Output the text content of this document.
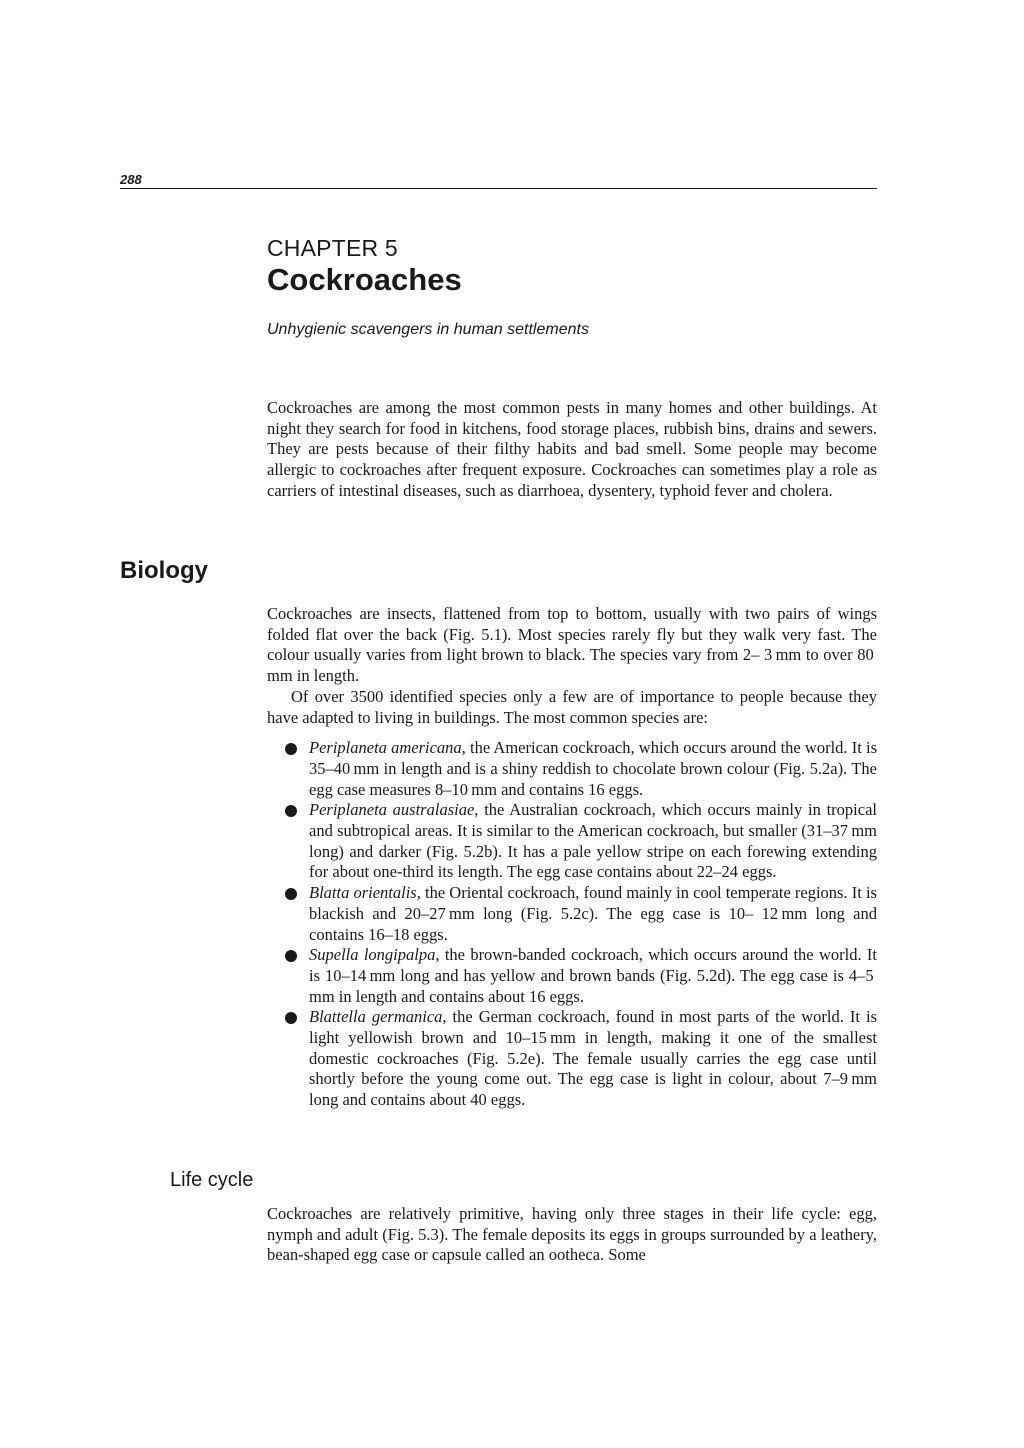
288
CHAPTER 5
Cockroaches
Unhygienic scavengers in human settlements

Cockroaches are among the most common pests in many homes and other buildings. At night they search for food in kitchens, food storage places, rubbish bins, drains and sewers. They are pests because of their filthy habits and bad smell. Some people may become allergic to cockroaches after frequent exposure. Cockroaches can sometimes play a role as carriers of intestinal diseases, such as diarrhoea, dysentery, typhoid fever and cholera.

Biology

Cockroaches are insects, flattened from top to bottom, usually with two pairs of wings folded flat over the back (Fig. 5.1). Most species rarely fly but they walk very fast. The colour usually varies from light brown to black. The species vary from 2– 3 mm to over 80 mm in length.

Of over 3500 identified species only a few are of importance to people because they have adapted to living in buildings. The most common species are:

Periplaneta americana, the American cockroach, which occurs around the world. It is 35–40 mm in length and is a shiny reddish to chocolate brown colour (Fig. 5.2a). The egg case measures 8–10 mm and contains 16 eggs.
Periplaneta australasiae, the Australian cockroach, which occurs mainly in tropical and subtropical areas. It is similar to the American cockroach, but smaller (31–37 mm long) and darker (Fig. 5.2b). It has a pale yellow stripe on each forewing extending for about one-third its length. The egg case contains about 22–24 eggs.
Blatta orientalis, the Oriental cockroach, found mainly in cool temperate regions. It is blackish and 20–27 mm long (Fig. 5.2c). The egg case is 10– 12 mm long and contains 16–18 eggs.
Supella longipalpa, the brown-banded cockroach, which occurs around the world. It is 10–14 mm long and has yellow and brown bands (Fig. 5.2d). The egg case is 4–5 mm in length and contains about 16 eggs.
Blattella germanica, the German cockroach, found in most parts of the world. It is light yellowish brown and 10–15 mm in length, making it one of the smallest domestic cockroaches (Fig. 5.2e). The female usually carries the egg case until shortly before the young come out. The egg case is light in colour, about 7–9 mm long and contains about 40 eggs.
Life cycle

Cockroaches are relatively primitive, having only three stages in their life cycle: egg, nymph and adult (Fig. 5.3). The female deposits its eggs in groups surrounded by a leathery, bean-shaped egg case or capsule called an ootheca. Some
